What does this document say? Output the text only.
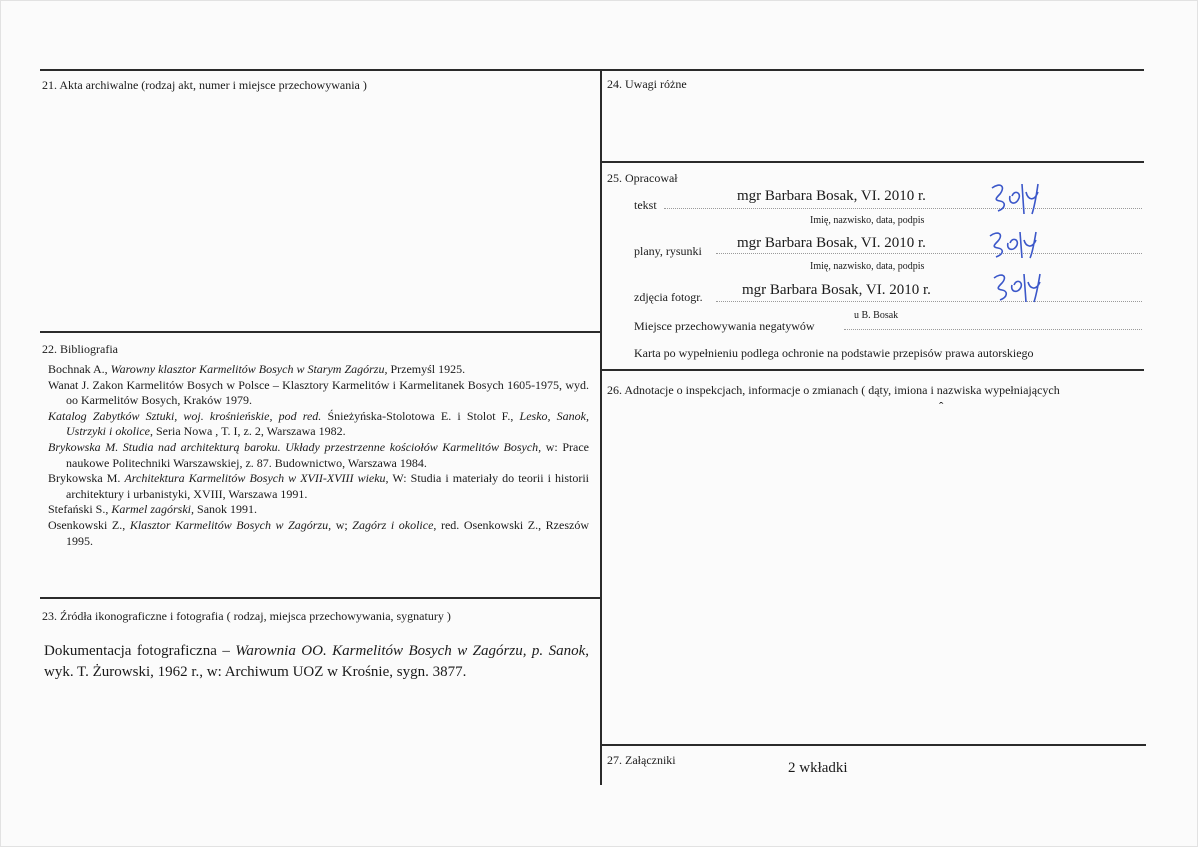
21. Akta archiwalne (rodzaj akt, numer i miejsce przechowywania )
22. Bibliografia
Bochnak A., Warowny klasztor Karmelitów Bosych w Starym Zagórzu, Przemyśl 1925.
Wanat J. Zakon Karmelitów Bosych w Polsce – Klasztory Karmelitów i Karmelitanek Bosych 1605-1975, wyd. oo Karmelitów Bosych, Kraków 1979.
Katalog Zabytków Sztuki, woj. krośnieńskie, pod red. Śnieżyńska-Stolotowa E. i Stolot F., Lesko, Sanok, Ustrzyki i okolice, Seria Nowa , T. I, z. 2, Warszawa 1982.
Brykowska M. Studia nad architekturą baroku. Układy przestrzenne kościołów Karmelitów Bosych, w: Prace naukowe Politechniki Warszawskiej, z. 87. Budownictwo, Warszawa 1984.
Brykowska M. Architektura Karmelitów Bosych w XVII-XVIII wieku, W: Studia i materiały do teorii i historii architektury i urbanistyki, XVIII, Warszawa 1991.
Stefański S., Karmel zagórski, Sanok 1991.
Osenkowski Z., Klasztor Karmelitów Bosych w Zagórzu, w; Zagórz i okolice, red. Osenkowski Z., Rzeszów 1995.
23. Źródła ikonograficzne i fotografia ( rodzaj, miejsca przechowywania, sygnatury )
Dokumentacja fotograficzna – Warownia OO. Karmelitów Bosych w Zagórzu, p. Sanok, wyk. T. Żurowski, 1962 r., w: Archiwum UOZ w Krośnie, sygn. 3877.
24. Uwagi różne
25. Opracował
tekst
mgr Barbara Bosak, VI. 2010 r.
Imię, nazwisko, data, podpis
plany, rysunki mgr Barbara Bosak, VI. 2010 r.
Imię, nazwisko, data, podpis
zdjęcia fotogr.	mgr Barbara Bosak, VI. 2010 r.
Miejsce przechowywania negatywów
u B. Bosak
Karta po wypełnieniu podlega ochronie na podstawie przepisów prawa autorskiego
26. Adnotacje o inspekcjach, informacje o zmianach ( dąty, imiona i nazwiska wypełniających
ˆ
27. Załączniki	2 wkładki
